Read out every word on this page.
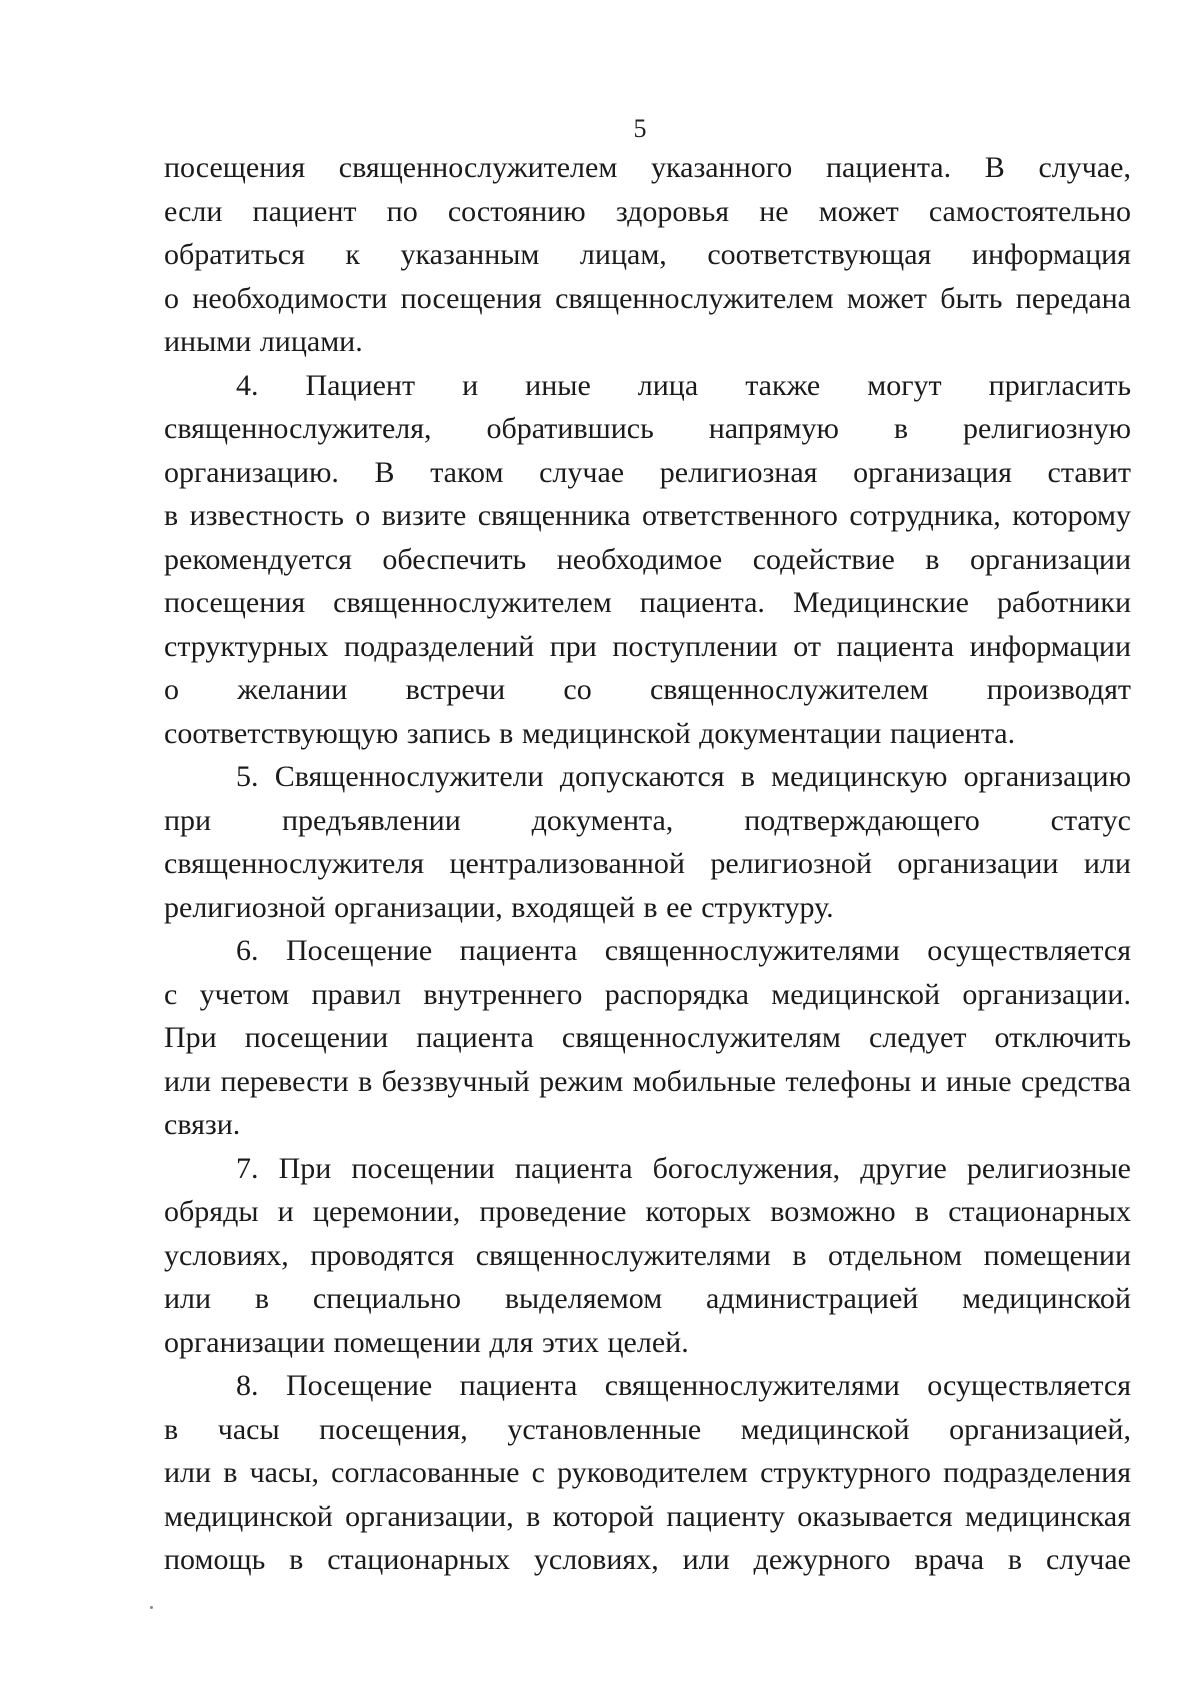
5
посещения священнослужителем указанного пациента. В случае,
если пациент по состоянию здоровья не может самостоятельно
обратиться к указанным лицам, соответствующая информация
о необходимости посещения священнослужителем может быть передана
иными лицами.
4. Пациент и иные лица также могут пригласить
священнослужителя, обратившись напрямую в религиозную
организацию. В таком случае религиозная организация ставит
в известность о визите священника ответственного сотрудника, которому
рекомендуется обеспечить необходимое содействие в организации
посещения священнослужителем пациента. Медицинские работники
структурных подразделений при поступлении от пациента информации
о желании встречи со священнослужителем производят
соответствующую запись в медицинской документации пациента.
5. Священнослужители допускаются в медицинскую организацию
при предъявлении документа, подтверждающего статус
священнослужителя централизованной религиозной организации или
религиозной организации, входящей в ее структуру.
6. Посещение пациента священнослужителями осуществляется
с учетом правил внутреннего распорядка медицинской организации.
При посещении пациента священнослужителям следует отключить
или перевести в беззвучный режим мобильные телефоны и иные средства
связи.
7. При посещении пациента богослужения, другие религиозные
обряды и церемонии, проведение которых возможно в стационарных
условиях, проводятся священнослужителями в отдельном помещении
или в специально выделяемом администрацией медицинской
организации помещении для этих целей.
8. Посещение пациента священнослужителями осуществляется
в часы посещения, установленные медицинской организацией,
или в часы, согласованные с руководителем структурного подразделения
медицинской организации, в которой пациенту оказывается медицинская
помощь в стационарных условиях, или дежурного врача в случае
